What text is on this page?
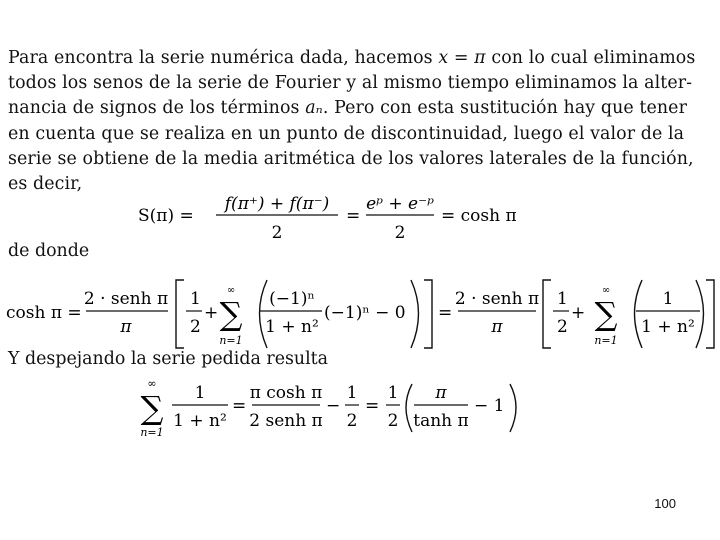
Para encontra la serie numérica dada, hacemos x = π con lo cual eliminamos
todos los senos de la serie de Fourier y al mismo tiempo eliminamos la alter-
nancia de signos de los términos aₙ. Pero con esta sustitución hay que tener
en cuenta que se realiza en un punto de discontinuidad, luego el valor de la
serie se obtiene de la media aritmética de los valores laterales de la función,
es decir,
S(π) =
f(π⁺) + f(π⁻)
2
=
eᵖ + e⁻ᵖ
2
= cosh π
de donde
cosh π =
2 · senh π
π
1
2
+
∞
∑
n=1
(−1)ⁿ
1 + n²
(−1)ⁿ − 0 =
2 · senh π
π
1
2
+
∞
∑
n=1
1
1 + n²
Y despejando la serie pedida resulta
∞
∑
n=1
1
1 + n²
=
π cosh π
2 senh π
−
1
2
=
1
2
π
tanh π
− 1
100
